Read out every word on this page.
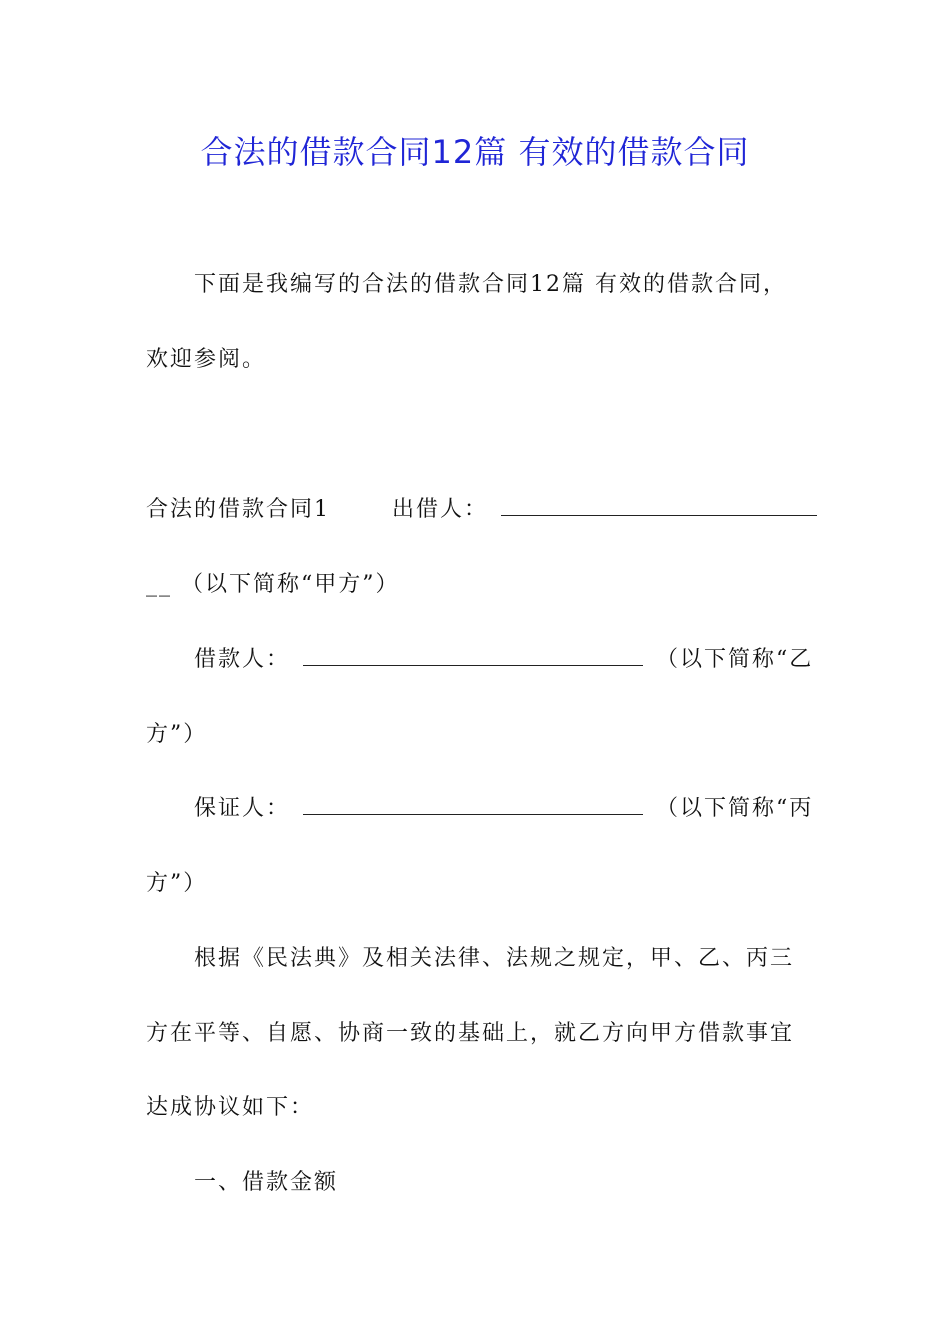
合法的借款合同12篇 有效的借款合同
下面是我编写的合法的借款合同12篇 有效的借款合同，
欢迎参阅。
合法的借款合同1	出借人：
__ （以下简称“甲方”）
借款人：	（以下简称“乙
方”）
保证人：	（以下简称“丙
方”）
根据《民法典》及相关法律、法规之规定，甲、乙、丙三
方在平等、自愿、协商一致的基础上，就乙方向甲方借款事宜
达成协议如下：
一、借款金额
